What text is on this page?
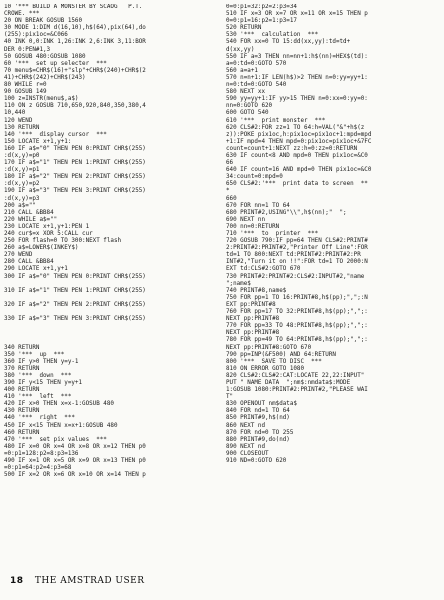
10 '*** BUILD A MONSTER BY SCAOG   P.T.
CROWE. ***
20 ON BREAK GOSUB 1560
30 MODE 1:DIM d(16,10),h$(64),pix(64),do
(255):pix1oc=&C066
40 INK 0,0:INK 1,26:INK 2,6:INK 3,11:BOR
DER 0:PEN#1,3
50 GOSUB 480:GOSUB 1080
60 '***  set up selecter  ***
70 menu$=CHR$(16)+"slp"+CHR$(240)+CHR$(2
41)+CHR$(242)+CHR$(243)
80 WHILE r=0
90 GOSUB 149
100 z=INSTR(menu$,a$)
110 ON z GOSUB 710,650,920,840,350,380,4
10,440
120 WEND
130 RETURN
140 '***  display cursor  ***
150 LOCATE x+1,y+1:
160 IF a$="0" THEN PEN 0:PRINT CHR$(255)
:d(x,y)=p0
170 IF a$="1" THEN PEN 1:PRINT CHR$(255)
:d(x,y)=p1
180 IF a$="2" THEN PEN 2:PRINT CHR$(255)
:d(x,y)=p2
190 IF a$="3" THEN PEN 3:PRINT CHR$(255)
:d(x,y)=p3
200 a$=""
210 CALL &BB84
220 WHILE a$=""
230 LOCATE x+1,y+1:PEN 1
240 cur$=x XOR 5:CALL cur
250 FOR flash=0 TO 300:NEXT flash
260 a$=LOWER$(INKEY$)
270 WEND
280 CALL &BB84
290 LOCATE x+1,y+1
300 IF a$="0" THEN PEN 0:PRINT CHR$(255)
310 IF a$="1" THEN PEN 1:PRINT CHR$(255)
320 IF a$="2" THEN PEN 2:PRINT CHR$(255)
330 IF a$="3" THEN PEN 3:PRINT CHR$(255)
340 RETURN
350 '***  up  ***
360 IF y>0 THEN y=y-1
370 RETURN
380 '***  down  ***
390 IF y<15 THEN y=y+1
400 RETURN
410 '***  left  ***
420 IF x>0 THEN x=x-1:GOSUB 480
430 RETURN
440 '***  right  ***
450 IF x<15 THEN x=x+1:GOSUB 480
460 RETURN
470 '***  set pix values  ***
480 IF x=0 OR x=4 OR x=8 OR x=12 THEN p0
=0:p1=128:p2=8:p3=136
490 IF x=1 OR x=5 OR x=9 OR x=13 THEN p0
=0:p1=64:p2=4:p3=68
500 IF x=2 OR x=6 OR x=10 OR x=14 THEN p
0=0:p1=32:p2=2:p3=34
510 IF x=3 OR x=7 OR x=11 OR x=15 THEN p
0=0:p1=16:p2=1:p3=17
520 RETURN
530 '***  calculation  ***
540 FOR xx=0 TO 15:dd(xx,yy):td=td+
d(xx,yy)
550 IF a=3 THEN nn=nn+1:h$(nn)=HEX$(td):
a=0:td=0:GOTO 570
560 a=a+1
570 n=n+1:IF LEN(h$)>2 THEN n=0:yy=yy+1:
n=0:td=0:GOTO 540
580 NEXT xx
590 yy=yy+1:IF yy>15 THEN n=0:xx=0:yy=0:
nn=0:GOTO 620
600 GOTO 540
610 '***  print monster  ***
620 CLS#2:FOR zz=1 TO 64:h=VAL("&"+h$(z
z)):POKE pix1oc,h:pix1oc=pix1oc+1:mpd=mpd
+1:IF mpd=4 THEN mpd=0:pix1oc=pix1oc+&7FC
count=count+1:NEXT zz:h=0:zz=0:RETURN
630 IF count<8 AND mpd=0 THEN pix1oc=&C0
66
640 IF count=16 AND mpd=0 THEN pix1oc=&C0
34:count=0:mpd=0
650 CLS#2:'***  print data to screen  **
*
660
670 FOR nn=1 TO 64
680 PRINT#2,USING"\\",h$(nn);"  ";
690 NEXT nn
700 nn=0:RETURN
710 '***  to  printer  ***
720 GOSUB 790:IF pp=64 THEN CLS#2:PRINT#
2:PRINT#2:PRINT#2,"Printer Off Line":FOR
td=1 TO 800:NEXT td:PRINT#2:PRINT#2:PR
INT#2,"Turn it on !!":FOR td=1 TO 2000:N
EXT td:CLS#2:GOTO 670
730 PRINT#2:PRINT#2:CLS#2:INPUT#2,"name
";name$
740 PRINT#8,name$
750 FOR pp=1 TO 16:PRINT#8,h$(pp);",";:N
EXT pp:PRINT#8
760 FOR pp=17 TO 32:PRINT#8,h$(pp);",";:
NEXT pp:PRINT#8
770 FOR pp=33 TO 48:PRINT#8,h$(pp);",";:
NEXT pp:PRINT#8
780 FOR pp=49 TO 64:PRINT#8,h$(pp);",";:
NEXT pp:PRINT#8:GOTO 670
790 pp=INP(&F500) AND 64:RETURN
800 '***  SAVE TO DISC  ***
810 ON ERROR GOTO 1080
820 CLS#2:CLS#2:CAT:LOCATE 22,22:INPUT"
PUT " NAME DATA  ";nm$:nmdata$:MODE
1:GOSUB 1080:PRINT#2:PRINT#2,"PLEASE WAI
T"
830 OPENOUT nm$data$
840 FOR nd=1 TO 64
850 PRINT#9,h$(nd)
860 NEXT nd
870 FOR nd=0 TO 255
880 PRINT#9,do(nd)
890 NEXT nd
900 CLOSEOUT
910 ND=0:GOTO 620
18 THE AMSTRAD USER
